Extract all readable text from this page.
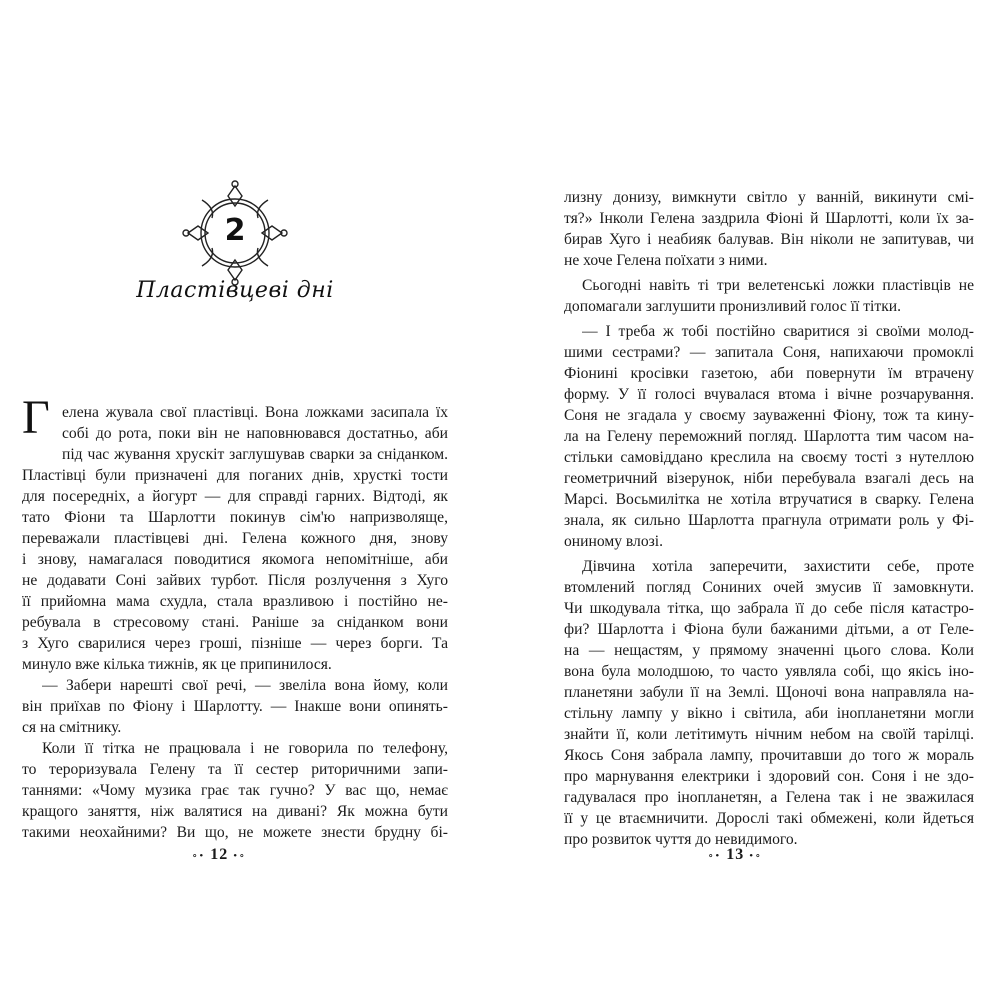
2
Пластівцеві дні
Г елена жувала свої пластівці. Вона ложками засипала їх
собі до рота, поки він не наповнювався достатньо, аби
під час жування хрускіт заглушував сварки за сніданком.
Пластівці були призначені для поганих днів, хрусткі тости
для посередніх, а йогурт — для справді гарних. Відтоді, як
тато Фіони та Шарлотти покинув сім'ю напризволяще,
переважали пластівцеві дні. Гелена кожного дня, знову
і знову, намагалася поводитися якомога непомітніше, аби
не додавати Соні зайвих турбот. Після розлучення з Хуго
її прийомна мама схудла, стала вразливою і постійно не-
ребувала в стресовому стані. Раніше за сніданком вони
з Хуго сварилися через гроші, пізніше — через борги. Та
минуло вже кілька тижнів, як це припинилося.
— Забери нарешті свої речі, — звеліла вона йому, коли
він приїхав по Фіону і Шарлотту. — Інакше вони опинять-
ся на смітнику.
Коли її тітка не працювала і не говорила по телефону,
то тероризувала Гелену та її сестер риторичними запи-
таннями: «Чому музика грає так гучно? У вас що, немає
кращого заняття, ніж валятися на дивані? Як можна бути
такими неохайними? Ви що, не можете знести брудну бі-
∘• 12 •∘
лизну донизу, вимкнути світло у ванній, викинути смі-
тя?» Інколи Гелена заздрила Фіоні й Шарлотті, коли їх за-
бирав Хуго і неабияк балував. Він ніколи не запитував, чи
не хоче Гелена поїхати з ними.
Сьогодні навіть ті три велетенські ложки пластівців не
допомагали заглушити пронизливий голос її тітки.
— І треба ж тобі постійно сваритися зі своїми молод-
шими сестрами? — запитала Соня, напихаючи промоклі
Фіонині кросівки газетою, аби повернути їм втрачену
форму. У її голосі вчувалася втома і вічне розчарування.
Соня не згадала у своєму зауваженні Фіону, тож та кину-
ла на Гелену переможний погляд. Шарлотта тим часом на-
стільки самовіддано креслила на своєму тості з нутеллою
геометричний візерунок, ніби перебувала взагалі десь на
Марсі. Восьмилітка не хотіла втручатися в сварку. Гелена
знала, як сильно Шарлотта прагнула отримати роль у Фі-
ониному влозі.
Дівчина хотіла заперечити, захистити себе, проте
втомлений погляд Сониних очей змусив її замовкнути.
Чи шкодувала тітка, що забрала її до себе після катастро-
фи? Шарлотта і Фіона були бажаними дітьми, а от Геле-
на — нещастям, у прямому значенні цього слова. Коли
вона була молодшою, то часто уявляла собі, що якісь іно-
планетяни забули її на Землі. Щоночі вона направляла на-
стільну лампу у вікно і світила, аби інопланетяни могли
знайти її, коли летітимуть нічним небом на своїй тарілці.
Якось Соня забрала лампу, прочитавши до того ж мораль
про марнування електрики і здоровий сон. Соня і не здо-
гадувалася про інопланетян, а Гелена так і не зважилася
її у це втаємничити. Дорослі такі обмежені, коли йдеться
про розвиток чуття до невидимого.
∘• 13 •∘
